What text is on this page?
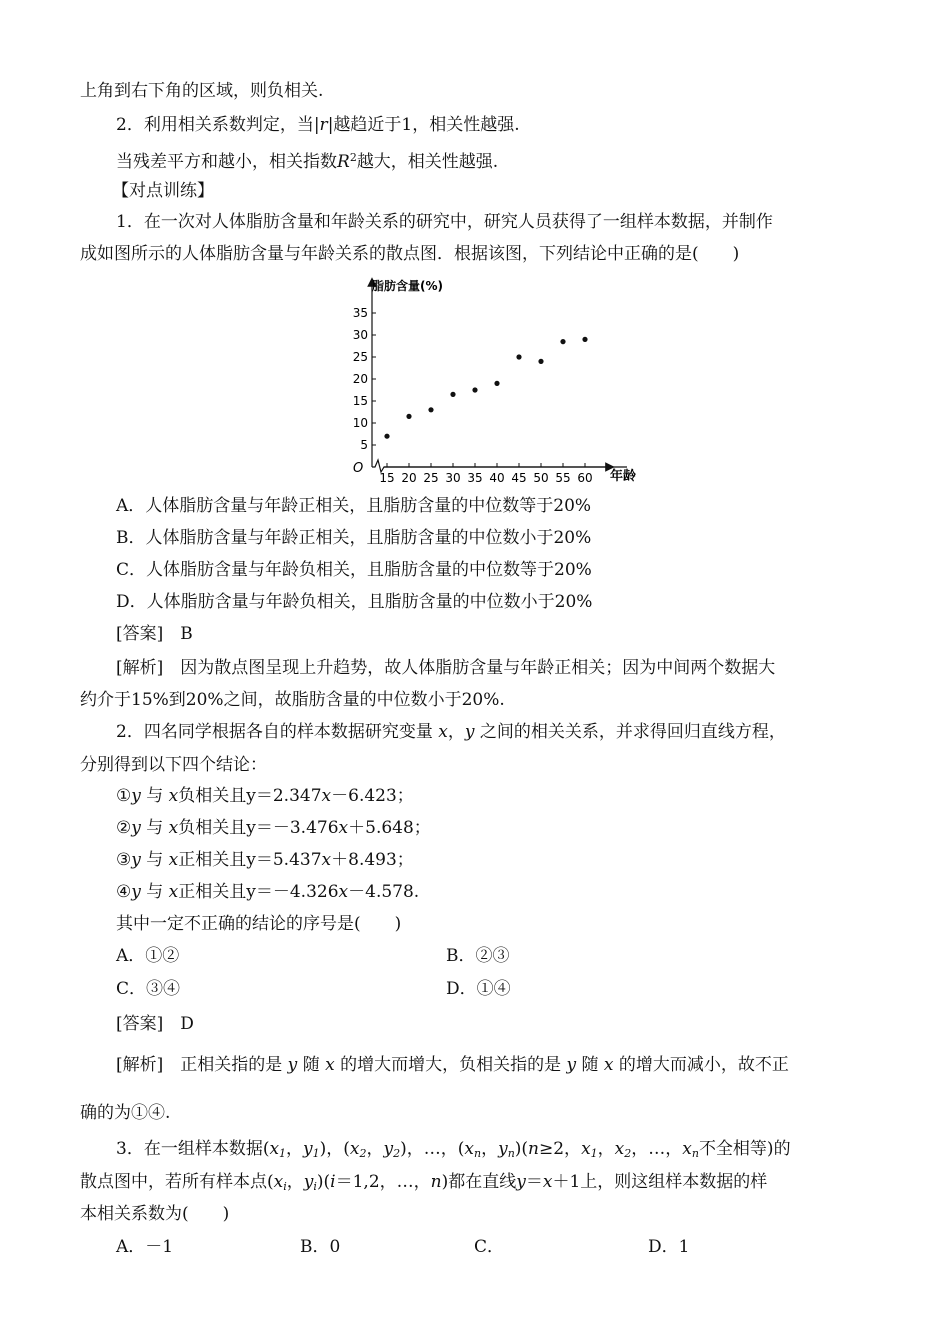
上角到右下角的区域，则负相关.
2．利用相关系数判定，当|r|越趋近于1，相关性越强.
当残差平方和越小，相关指数$R^2$越大，相关性越强.
【对点训练】
1．在一次对人体脂肪含量和年龄关系的研究中，研究人员获得了一组样本数据，并制作
成如图所示的人体脂肪含量与年龄关系的散点图．根据该图，下列结论中正确的是(　　)
5
10
15
20
25
30
35
15 20 25 30 35 40 45 50 55 60
脂肪含量(%)
年龄
O
A．人体脂肪含量与年龄正相关，且脂肪含量的中位数等于20%
B．人体脂肪含量与年龄正相关，且脂肪含量的中位数小于20%
C．人体脂肪含量与年龄负相关，且脂肪含量的中位数等于20%
D．人体脂肪含量与年龄负相关，且脂肪含量的中位数小于20%
[答案]　 B
[解析]　 因为散点图呈现上升趋势，故人体脂肪含量与年龄正相关；因为中间两个数据大
约介于15%到20%之间，故脂肪含量的中位数小于20%.
2．四名同学根据各自的样本数据研究变量 x，y 之间的相关关系，并求得回归直线方程，
分别得到以下四个结论：
①y 与 x负相关且y＝2.347x－6.423；
②y 与 x负相关且y＝－3.476x＋5.648；
③y 与 x正相关且y＝5.437x＋8.493；
④y 与 x正相关且y＝－4.326x－4.578.
其中一定不正确的结论的序号是(　　)
A．①②	B．②③
C．③④	D．①④
[答案]　 D
[解析]　 正相关指的是 y 随 x 的增大而增大，负相关指的是 y 随 x 的增大而减小，故不正
确的为①④.
3．在一组样本数据($x_1$，$y_1$)，($x_2$，$y_2$)，…，($x_n$，$y_n)(n\ge 2$，$x_1$，$x_2$，…，$x_n$不全相等)的
散点图中，若所有样本点($x_i$，$y_i)(i=1,2$，…，n)都在直线y＝x＋1上，则这组样本数据的样
本相关系数为(　　)
A．－1	B．0	C．	D．1
